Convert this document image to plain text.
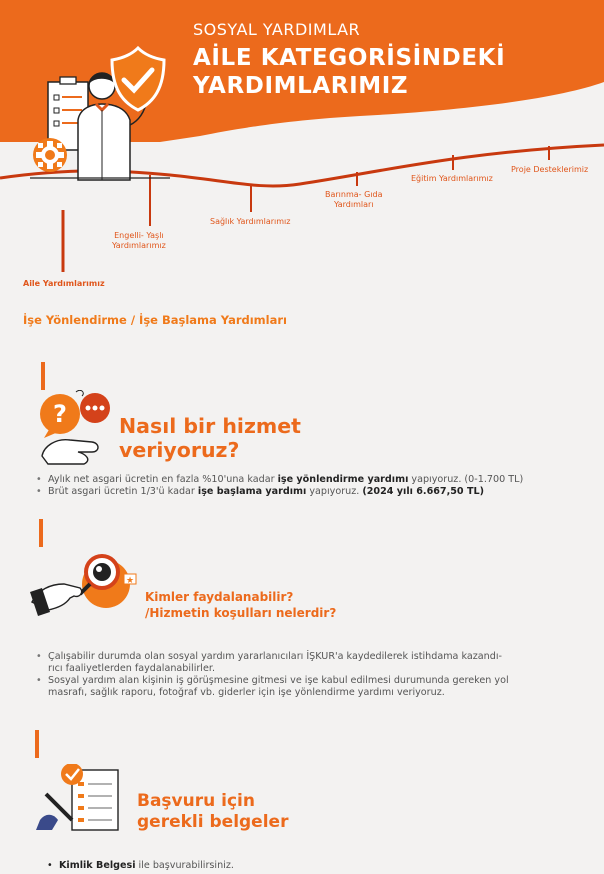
SOSYAL YARDIMLAR
AİLE KATEGORİSİNDEKİ
YARDIMLARIMIZ
Aile Yardımlarımız
Engelli- Yaşlı
Yardımlarımız
Sağlık Yardımlarımız
Barınma- Gıda
Yardımları
Eğitim Yardımlarımız
Proje Desteklerimiz
İşe Yönlendirme / İşe Başlama Yardımları
?	Nasıl bir hizmet
veriyoruz?
• Aylık net asgari ücretin en fazla %10'una kadar işe yönlendirme yardımı yapıyoruz. (0-1.700 TL)
• Brüt asgari ücretin 1/3'ü kadar işe başlama yardımı yapıyoruz. (2024 yılı 6.667,50 TL)
★
Kimler faydalanabilir?
/Hizmetin koşulları nelerdir?
• Çalışabilir durumda olan sosyal yardım yararlanıcıları İŞKUR'a kaydedilerek istihdama kazandı-
rıcı faaliyetlerden faydalanabilirler.
• Sosyal yardım alan kişinin iş görüşmesine gitmesi ve işe kabul edilmesi durumunda gereken yol
masrafı, sağlık raporu, fotoğraf vb. giderler için işe yönlendirme yardımı veriyoruz.
Başvuru için
gerekli belgeler
• Kimlik Belgesi ile başvurabilirsiniz.
